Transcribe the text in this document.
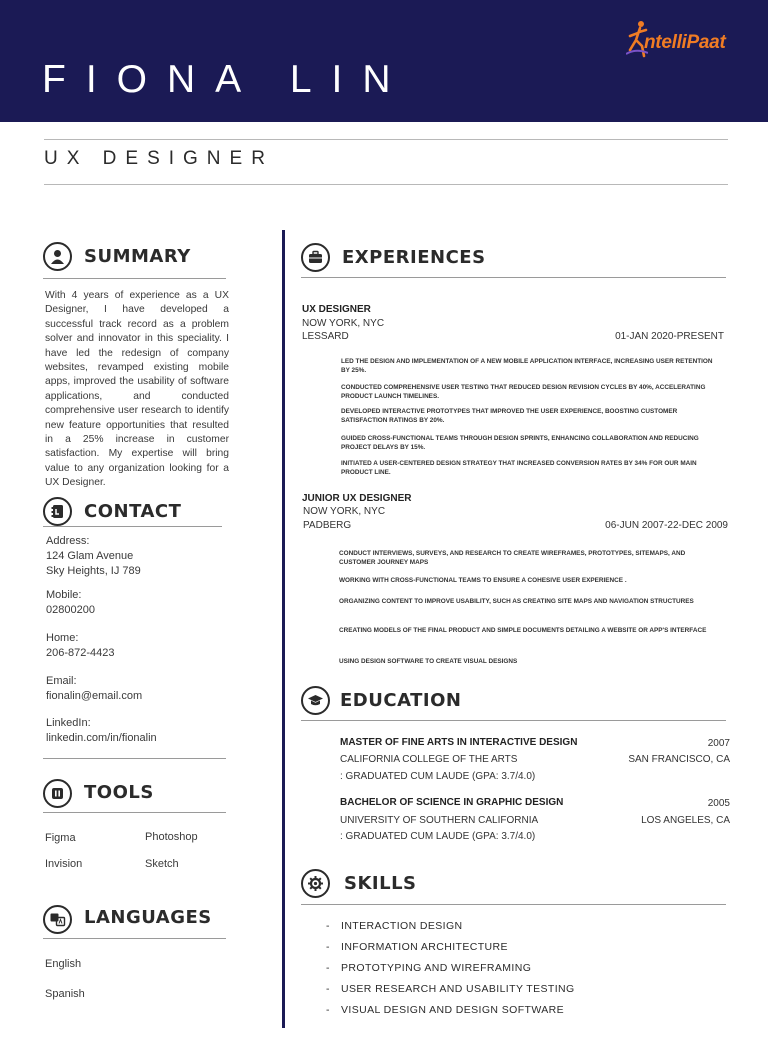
FIONA LIN
ntelliPaat
UX DESIGNER
SUMMARY
With 4 years of experience as a UX Designer, I have developed a successful track record as a problem solver and innovator in this speciality. I have led the redesign of company websites, revamped existing mobile apps, improved the usability of software applications, and conducted comprehensive user research to identify new feature opportunities that resulted in a 25% increase in customer satisfaction. My expertise will bring value to any organization looking for a UX Designer.
CONTACT
Address:
124 Glam Avenue
Sky Heights, IJ 789
Mobile:
02800200
Home:
206-872-4423
Email:
fionalin@email.com
LinkedIn:
linkedin.com/in/fionalin
TOOLS
Figma	Photoshop
Invision	Sketch
LANGUAGES
English
Spanish
EXPERIENCES
UX DESIGNER
NOW YORK, NYC
LESSARD	01-JAN 2020-PRESENT
LED THE DESIGN AND IMPLEMENTATION OF A NEW MOBILE APPLICATION INTERFACE, INCREASING USER RETENTION BY 25%.
CONDUCTED COMPREHENSIVE USER TESTING THAT REDUCED DESIGN REVISION CYCLES BY 40%, ACCELERATING PRODUCT LAUNCH TIMELINES.
DEVELOPED INTERACTIVE PROTOTYPES THAT IMPROVED THE USER EXPERIENCE, BOOSTING CUSTOMER SATISFACTION RATINGS BY 20%.
GUIDED CROSS-FUNCTIONAL TEAMS THROUGH DESIGN SPRINTS, ENHANCING COLLABORATION AND REDUCING PROJECT DELAYS BY 15%.
INITIATED A USER-CENTERED DESIGN STRATEGY THAT INCREASED CONVERSION RATES BY 34% FOR OUR MAIN PRODUCT LINE.
JUNIOR UX DESIGNER
NOW YORK, NYC
PADBERG	06-JUN 2007-22-DEC 2009
CONDUCT INTERVIEWS, SURVEYS, AND RESEARCH TO CREATE WIREFRAMES, PROTOTYPES, SITEMAPS, AND CUSTOMER JOURNEY MAPS
WORKING WITH CROSS-FUNCTIONAL TEAMS TO ENSURE A COHESIVE USER EXPERIENCE .
ORGANIZING CONTENT TO IMPROVE USABILITY, SUCH AS CREATING SITE MAPS AND NAVIGATION STRUCTURES
CREATING MODELS OF THE FINAL PRODUCT AND SIMPLE DOCUMENTS DETAILING A WEBSITE OR APP'S INTERFACE
USING DESIGN SOFTWARE TO CREATE VISUAL DESIGNS
EDUCATION
MASTER OF FINE ARTS IN INTERACTIVE DESIGN	2007
CALIFORNIA COLLEGE OF THE ARTS	SAN FRANCISCO, CA
: GRADUATED CUM LAUDE (GPA: 3.7/4.0)
BACHELOR OF SCIENCE IN GRAPHIC DESIGN	2005
UNIVERSITY OF SOUTHERN CALIFORNIA	LOS ANGELES, CA
: GRADUATED CUM LAUDE (GPA: 3.7/4.0)
SKILLS
- INTERACTION DESIGN
- INFORMATION ARCHITECTURE
- PROTOTYPING AND WIREFRAMING
- USER RESEARCH AND USABILITY TESTING
- VISUAL DESIGN AND DESIGN SOFTWARE
